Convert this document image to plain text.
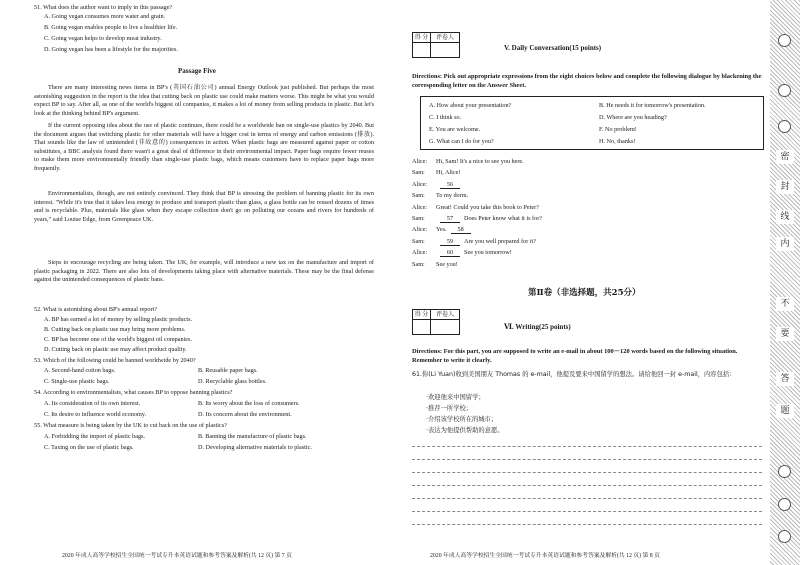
51. What does the author want to imply in this passage?
A. Going vegan consumes more water and grain.
B. Going vegan enables people to live a healthier life.
C. Going vegan helps to develop meat industry.
D. Going vegan has been a lifestyle for the majorities.
Passage Five
There are many interesting news items in BP's (英国石油公司) annual Energy Outlook just published. But perhaps the most astonishing suggestion in the report is the idea that cutting back on plastic use could make matters worse. This might be what you would expect BP to say. After all, as one of the world's biggest oil companies, it makes a lot of money from selling products in plastic. But let's look at the thinking behind BP's argument.
If the current opposing idea about the use of plastic continues, there could be a worldwide ban on single-use plastics by 2040. But the document argues that switching plastic for other materials will have a bigger cost in terms of energy and carbon emissions (排放). That sounds like the law of unintended (非故意的) consequences in action. When plastic bags are measured against paper or cotton substitutes, a BBC analysis found there wasn't a great deal of difference in their environmental impact. Paper bags require fewer reuses to make them more environmentally friendly than single-use plastic bags, which means customers have to replace paper bags more frequently.
Environmentalists, though, are not entirely convinced. They think that BP is stressing the problem of banning plastic for its own interest. "While it's true that it takes less energy to produce and transport plastic than glass, a glass bottle can be reused dozens of times and is recyclable. Plus, materials like glass when they escape collection don't go on polluting our oceans and rivers for hundreds of years," said Louise Edge, from Greenpeace UK.
Steps to encourage recycling are being taken. The UK, for example, will introduce a new tax on the manufacture and import of plastic packaging in 2022. There are also lots of developments taking place with alternative materials. These may be the final defense against the unintended consequences of plastic bans.
52. What is astonishing about BP's annual report?
A. BP has earned a lot of money by selling plastic products.
B. Cutting back on plastic use may bring more problems.
C. BP has become one of the world's biggest oil companies.
D. Cutting back on plastic use may affect product quality.
53. Which of the following could be banned worldwide by 2040?
A. Second-hand cotton bags.	B. Reusable paper bags.
C. Single-use plastic bags.	D. Recyclable glass bottles.
54. According to environmentalists, what causes BP to oppose banning plastics?
A. Its consideration of its own interest.	B. Its worry about the loss of consumers.
C. Its desire to influence world economy.	D. Its concern about the environment.
55. What measure is being taken by the UK to cut back on the use of plastics?
A. Forbidding the import of plastic bags.	B. Banning the manufacture of plastic bags.
C. Taxing on the use of plastic bags.	D. Developing alternative materials to plastic.
2020 年成人高等学校招生全国统一考试专升本英语试题和参考答案及解析(共 12 页) 第 7 页
得 分	评卷人
V. Daily Conversation(15 points)
Directions: Pick out appropriate expressions from the eight choices below and complete the following dialogue by blackening the corresponding letter on the Answer Sheet.
A. How about your presentation?	B. He needs it for tomorrow's presentation.
C. I think so.	D. Where are you heading?
E. You are welcome.	F. No problem!
G. What can I do for you?	H. No, thanks!
Alice: Hi, Sam! It's a nice to see you here.
Sam: Hi, Alice!
Alice:	56
Sam: To my dorm.
Alice: Great! Could you take this book to Peter?
Sam:	57 Does Peter know what it is for?
Alice: Yes. 58
Sam:	59 Are you well prepared for it?
Alice:	60 See you tomorrow!
Sam: See you!
第Ⅱ卷（非选择题，共25分）
得 分	评卷人
Ⅵ. Writing(25 points)
Directions: For this part, you are supposed to write an e-mail in about 100－120 words based on the following situation. Remember to write it clearly.
61.你(Li Yuan)收到美国朋友 Thomas 的 e-mail，他提及要来中国留学的想法。请给他回一封 e-mail，内容包括：
·欢迎他来中国留学；
·推荐一所学校；
·介绍该学校所在的城市；
·表达为他提供帮助的意愿。
2020 年成人高等学校招生全国统一考试专升本英语试题和参考答案及解析(共 12 页) 第 8 页
密
封
线
内
不
要
答
题
